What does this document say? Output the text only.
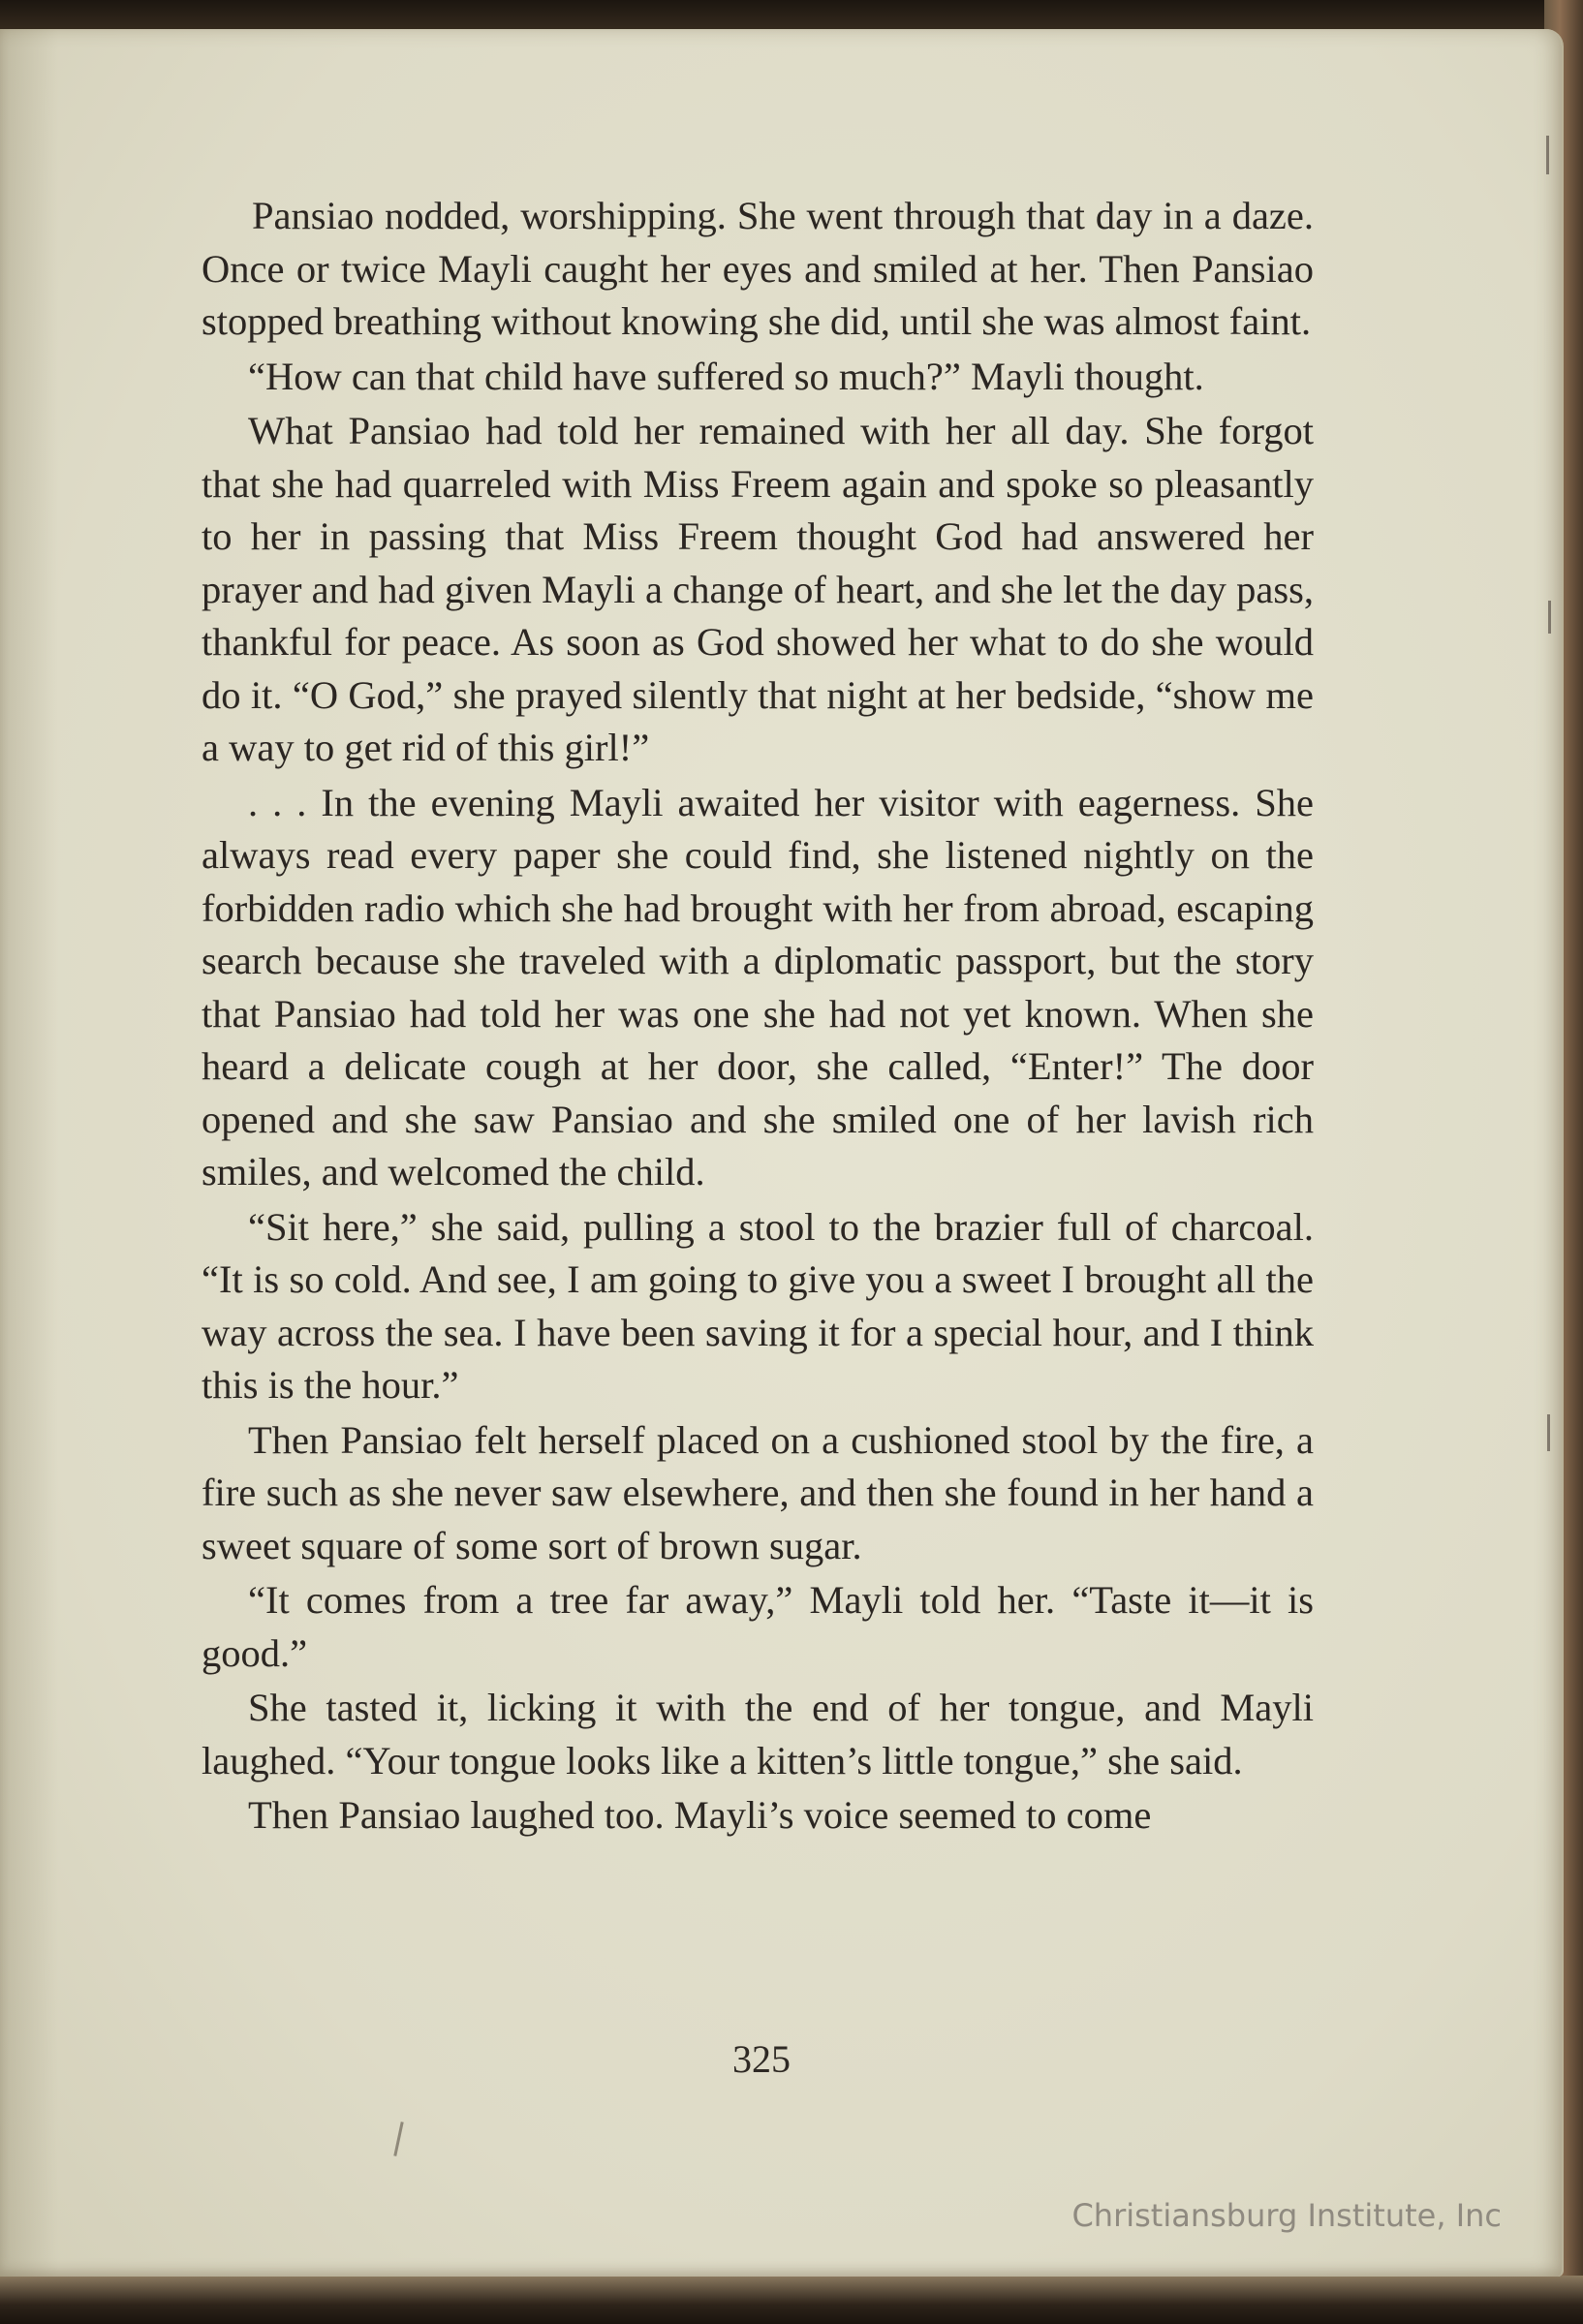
Pansiao nodded, worshipping. She went through that day in a daze. Once or twice Mayli caught her eyes and smiled at her. Then Pansiao stopped breathing without knowing she did, until she was almost faint.

“How can that child have suffered so much?” Mayli thought.

What Pansiao had told her remained with her all day. She forgot that she had quarreled with Miss Freem again and spoke so pleasantly to her in passing that Miss Freem thought God had answered her prayer and had given Mayli a change of heart, and she let the day pass, thankful for peace. As soon as God showed her what to do she would do it. “O God,” she prayed silently that night at her bedside, “show me a way to get rid of this girl!”

. . . In the evening Mayli awaited her visitor with eagerness. She always read every paper she could find, she listened nightly on the forbidden radio which she had brought with her from abroad, escaping search because she traveled with a diplomatic passport, but the story that Pansiao had told her was one she had not yet known. When she heard a delicate cough at her door, she called, “Enter!” The door opened and she saw Pansiao and she smiled one of her lavish rich smiles, and welcomed the child.

“Sit here,” she said, pulling a stool to the brazier full of charcoal. “It is so cold. And see, I am going to give you a sweet I brought all the way across the sea. I have been saving it for a special hour, and I think this is the hour.”

Then Pansiao felt herself placed on a cushioned stool by the fire, a fire such as she never saw elsewhere, and then she found in her hand a sweet square of some sort of brown sugar.

“It comes from a tree far away,” Mayli told her. “Taste it—it is good.”

She tasted it, licking it with the end of her tongue, and Mayli laughed. “Your tongue looks like a kitten’s little tongue,” she said.

Then Pansiao laughed too. Mayli’s voice seemed to come

325
Christiansburg Institute, Inc
